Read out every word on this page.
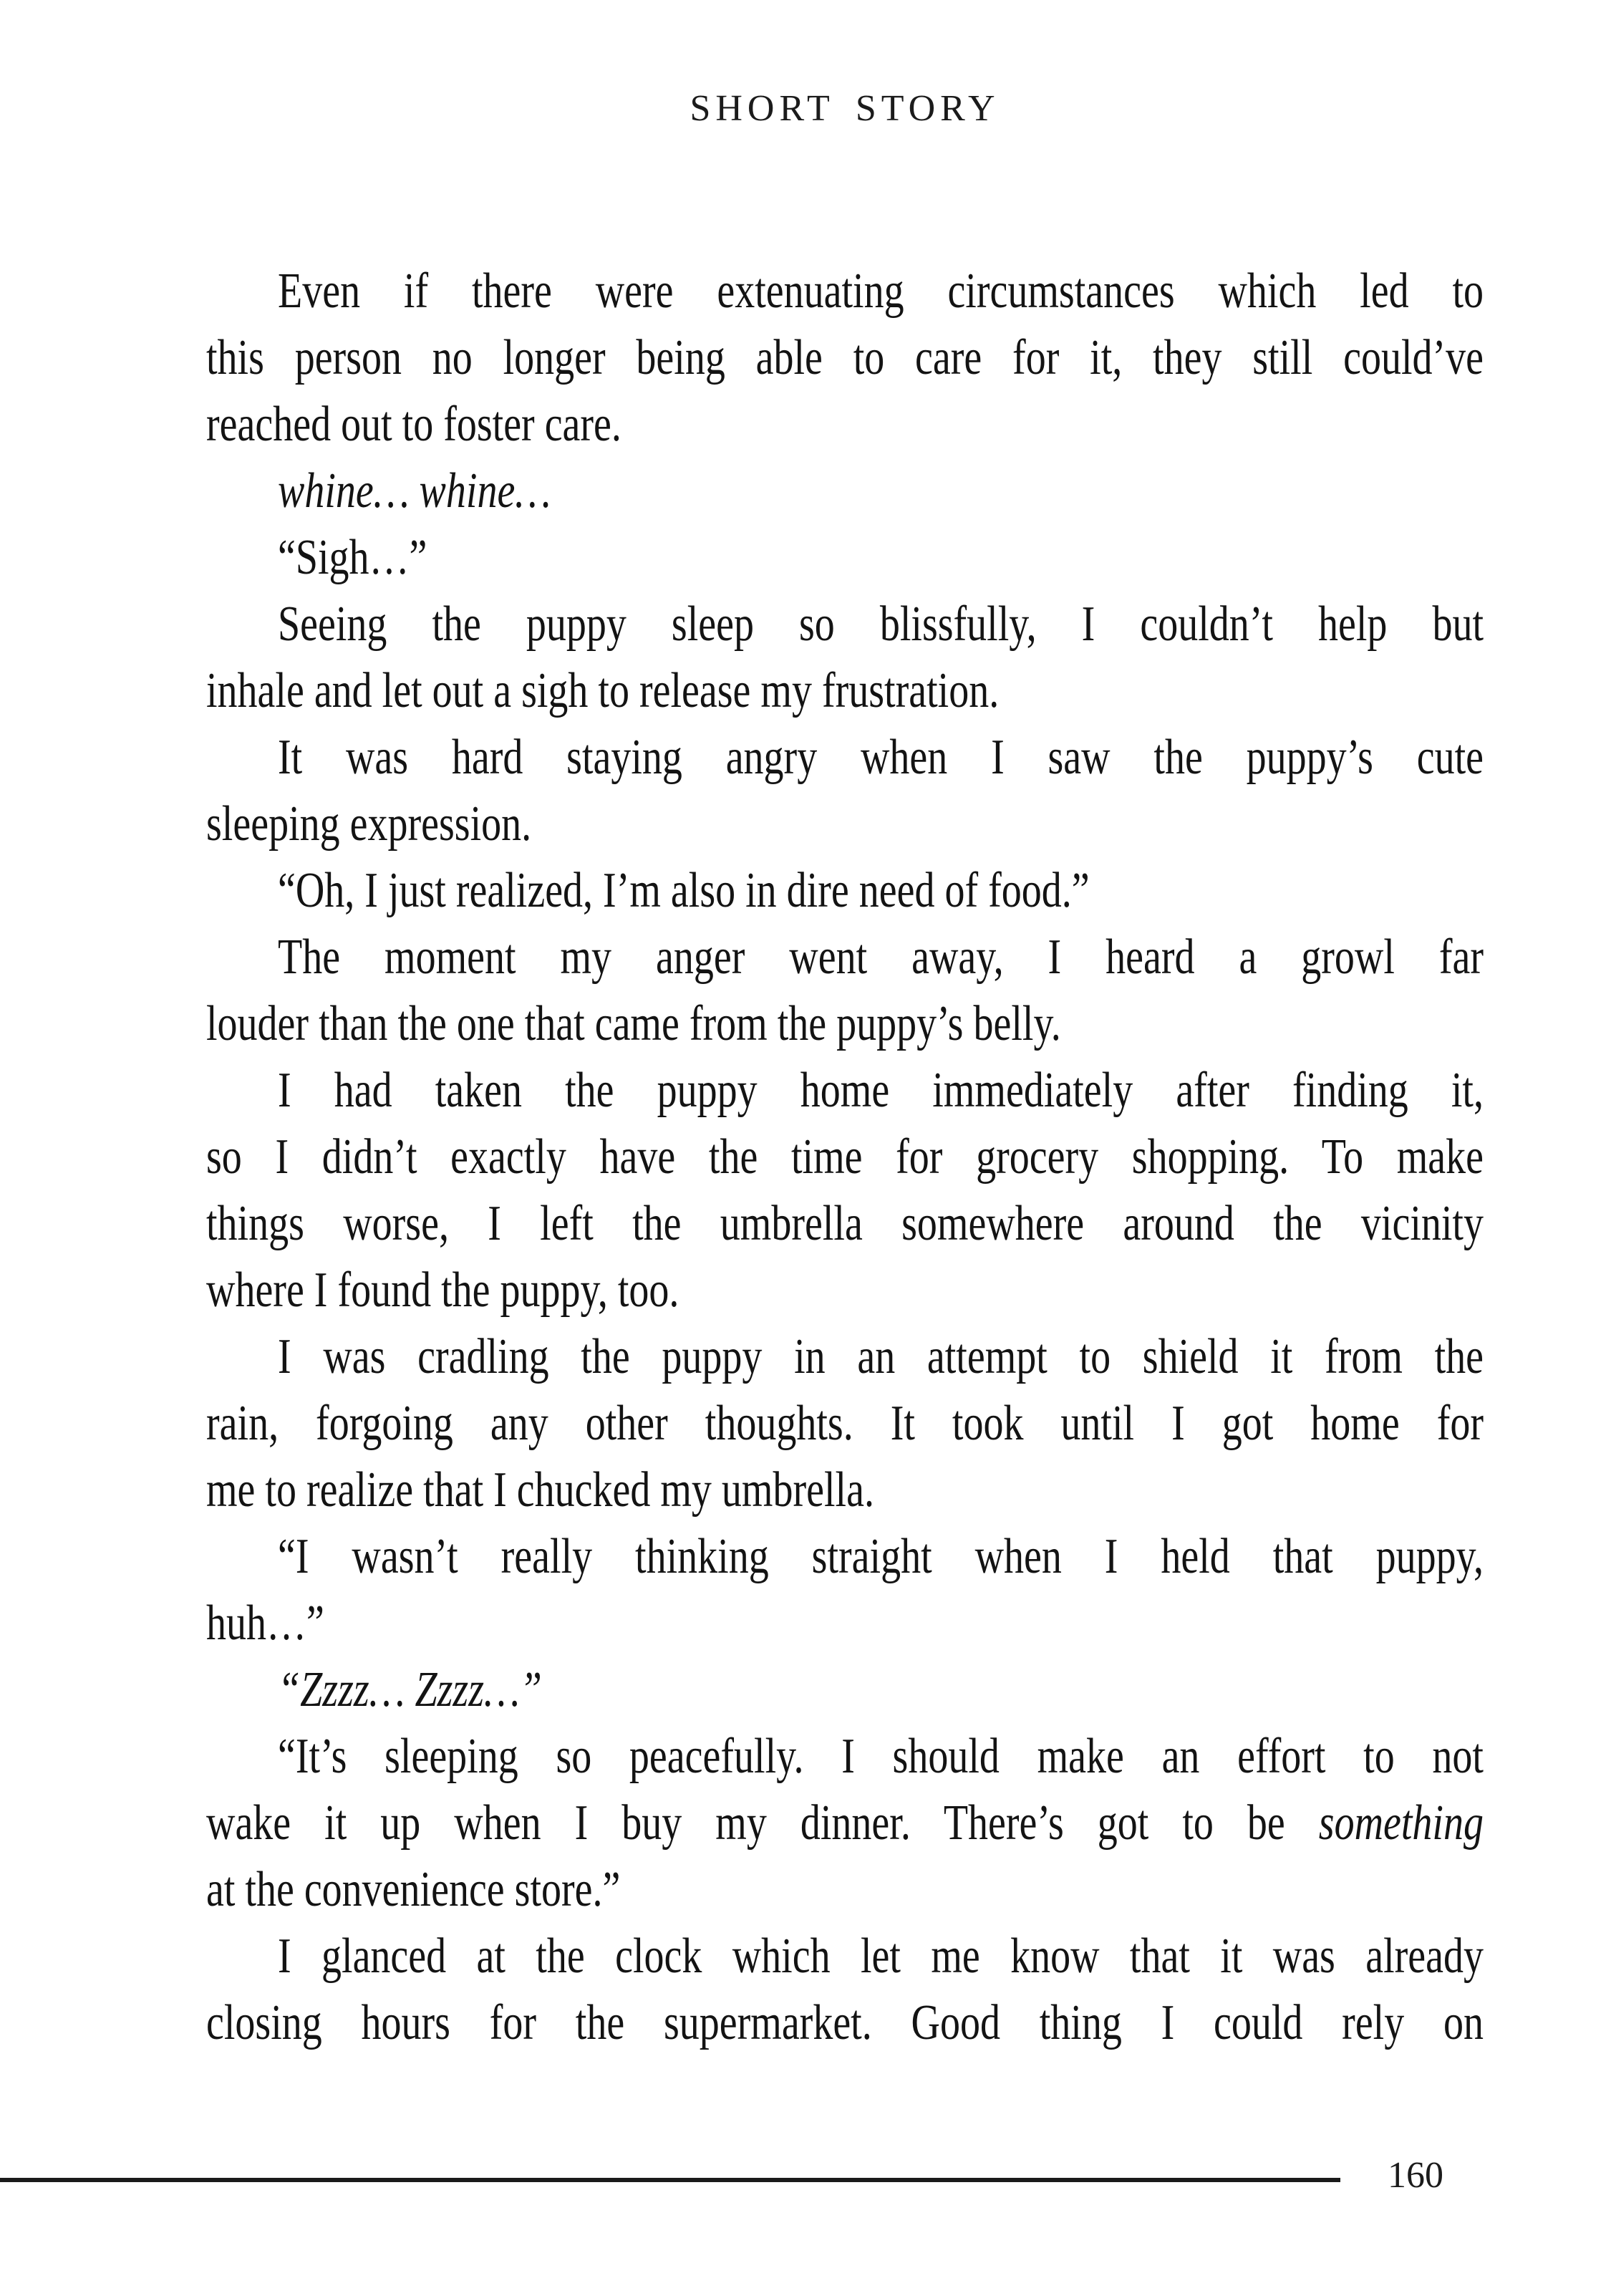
SHORT STORY
Even if there were extenuating circumstances which led to
this person no longer being able to care for it, they still could’ve
reached out to foster care.
whine… whine…
“Sigh…”
Seeing the puppy sleep so blissfully, I couldn’t help but
inhale and let out a sigh to release my frustration.
It was hard staying angry when I saw the puppy’s cute
sleeping expression.
“Oh, I just realized, I’m also in dire need of food.”
The moment my anger went away, I heard a growl far
louder than the one that came from the puppy’s belly.
I had taken the puppy home immediately after finding it,
so I didn’t exactly have the time for grocery shopping. To make
things worse, I left the umbrella somewhere around the vicinity
where I found the puppy, too.
I was cradling the puppy in an attempt to shield it from the
rain, forgoing any other thoughts. It took until I got home for
me to realize that I chucked my umbrella.
“I wasn’t really thinking straight when I held that puppy,
huh…”
“Zzzz… Zzzz…”
“It’s sleeping so peacefully. I should make an effort to not
wake it up when I buy my dinner. There’s got to be something
at the convenience store.”
I glanced at the clock which let me know that it was already
closing hours for the supermarket. Good thing I could rely on
160
